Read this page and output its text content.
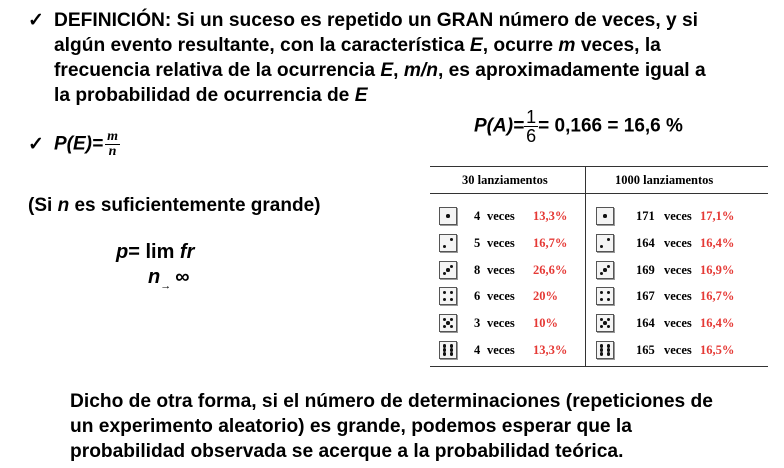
✓ DEFINICIÓN: Si un suceso es repetido un GRAN número de veces, y si
algún evento resultante, con la característica E, ocurre m veces, la
frecuencia relativa de la ocurrencia E, m/n, es aproximadamente igual a
la probabilidad de ocurrencia de E
✓ $P(E)= \frac{m}{n}$
$P(A)= \frac{1}{6} = 0,166 = 16,6$ %
(Si n es suficientemente grande)
p= lim fr
$n_\to$ ∞
30 lanziamentos	1000 lanziamentos
4 veces 13,3%	171 veces 17,1%
5 veces 16,7%	164 veces 16,4%
8 veces 26,6%	169 veces 16,9%
6 veces 20%	167 veces 16,7%
3 veces 10%	164 veces 16,4%
4 veces 13,3%	165 veces 16,5%
Dicho de otra forma, si el número de determinaciones (repeticiones de
un experimento aleatorio) es grande, podemos esperar que la
probabilidad observada se acerque a la probabilidad teórica.
